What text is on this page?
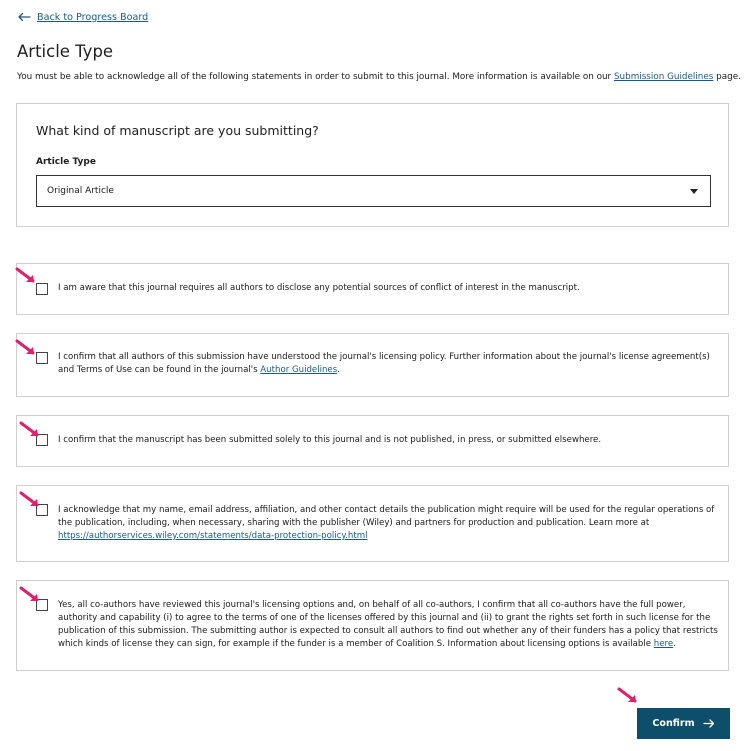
Back to Progress Board
Article Type
You must be able to acknowledge all of the following statements in order to submit to this journal. More information is available on our Submission Guidelines page.
What kind of manuscript are you submitting?
Article Type
Original Article
I am aware that this journal requires all authors to disclose any potential sources of conflict of interest in the manuscript.
I confirm that all authors of this submission have understood the journal's licensing policy. Further information about the journal's license agreement(s) and Terms of Use can be found in the journal's Author Guidelines.
I confirm that the manuscript has been submitted solely to this journal and is not published, in press, or submitted elsewhere.
I acknowledge that my name, email address, affiliation, and other contact details the publication might require will be used for the regular operations of the publication, including, when necessary, sharing with the publisher (Wiley) and partners for production and publication. Learn more at https://authorservices.wiley.com/statements/data-protection-policy.html
Yes, all co-authors have reviewed this journal's licensing options and, on behalf of all co-authors, I confirm that all co-authors have the full power, authority and capability (i) to agree to the terms of one of the licenses offered by this journal and (ii) to grant the rights set forth in such license for the publication of this submission. The submitting author is expected to consult all authors to find out whether any of their funders has a policy that restricts which kinds of license they can sign, for example if the funder is a member of Coalition S. Information about licensing options is available here.
Confirm
